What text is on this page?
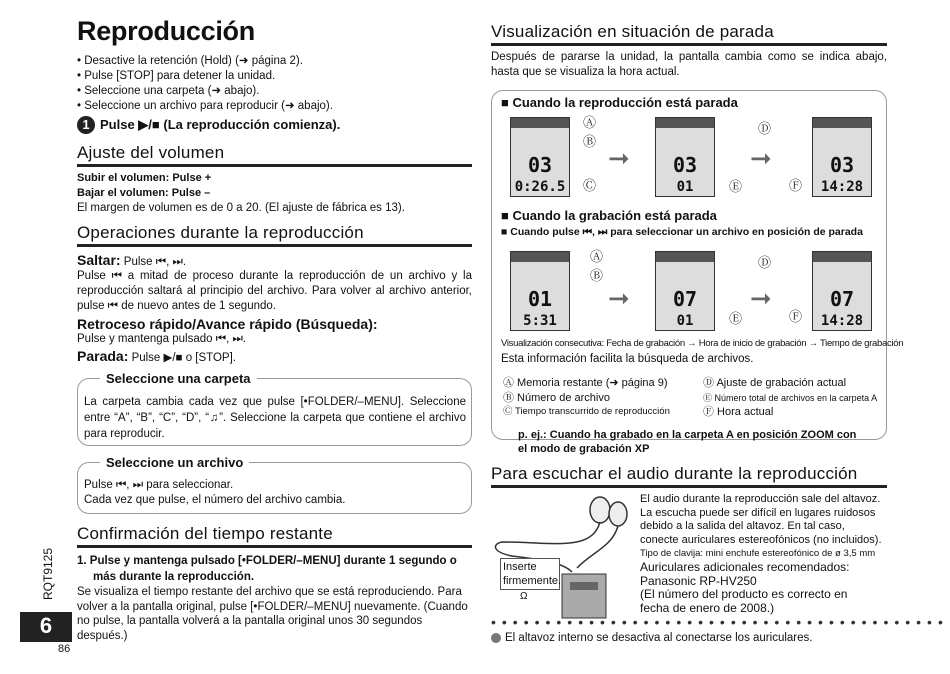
Reproducción
• Desactive la retención (Hold) (➜ página 2).
• Pulse [STOP] para detener la unidad.
• Seleccione una carpeta (➜ abajo).
• Seleccione un archivo para reproducir (➜ abajo).
1 Pulse ▶/■ (La reproducción comienza).
Ajuste del volumen
Subir el volumen: Pulse +
Bajar el volumen: Pulse –
El margen de volumen es de 0 a 20. (El ajuste de fábrica es 13).
Operaciones durante la reproducción
Saltar: Pulse ⏮, ⏭.
Pulse ⏮ a mitad de proceso durante la reproducción de un archivo y la reproducción saltará al principio del archivo. Para volver al archivo anterior, pulse ⏮ de nuevo antes de 1 segundo.
Retroceso rápido/Avance rápido (Búsqueda):
Pulse y mantenga pulsado ⏮, ⏭.
Parada: Pulse ▶/■ o [STOP].
Seleccione una carpeta
La carpeta cambia cada vez que pulse [•FOLDER/–MENU]. Seleccione entre “A”, “B”, “C”, “D”, “♫”. Seleccione la carpeta que contiene el archivo para reproducir.
Seleccione un archivo
Pulse ⏮, ⏭ para seleccionar.
Cada vez que pulse, el número del archivo cambia.
Confirmación del tiempo restante
1. Pulse y mantenga pulsado [•FOLDER/–MENU] durante 1 segundo o más durante la reproducción.
Se visualiza el tiempo restante del archivo que se está reproduciendo. Para volver a la pantalla original, pulse [•FOLDER/–MENU] nuevamente. (Cuando no pulse, la pantalla volverá a la pantalla original unos 30 segundos después.)
RQT9125
6
86
Visualización en situación de parada
Después de pararse la unidad, la pantalla cambia como se indica abajo, hasta que se visualiza la hora actual.
■ Cuando la reproducción está parada
03
0:26.5
Ⓐ
Ⓑ
Ⓒ
➞	03
01
Ⓓ
Ⓔ
➞	03
14:28
Ⓕ
■ Cuando la grabación está parada
■ Cuando pulse ⏮, ⏭ para seleccionar un archivo en posición de parada
01
5:31
Ⓐ
Ⓑ
➞	07
01
Ⓓ
Ⓔ
➞	07
14:28
Ⓕ
Visualización consecutiva: Fecha de grabación → Hora de inicio de grabación → Tiempo de grabación
Esta información facilita la búsqueda de archivos.
Ⓐ Memoria restante (➜ página 9)	Ⓓ Ajuste de grabación actual
Ⓑ Número de archivo	Ⓔ Número total de archivos en la carpeta A
Ⓒ Tiempo transcurrido de reproducción	Ⓕ Hora actual
p. ej.: Cuando ha grabado en la carpeta A en posición ZOOM con el modo de grabación XP
Para escuchar el audio durante la reproducción
Inserte firmemente.
Ω
El audio durante la reproducción sale del altavoz.
La escucha puede ser difícil en lugares ruidosos
debido a la salida del altavoz. En tal caso,
conecte auriculares estereofónicos (no incluidos).
Tipo de clavija: mini enchufe estereofónico de ø 3,5 mm
Auriculares adicionales recomendados:
Panasonic RP-HV250
(El número del producto es correcto en
fecha de enero de 2008.)
••••••••••••••••••••••••••••••••••••••••••
El altavoz interno se desactiva al conectarse los auriculares.
